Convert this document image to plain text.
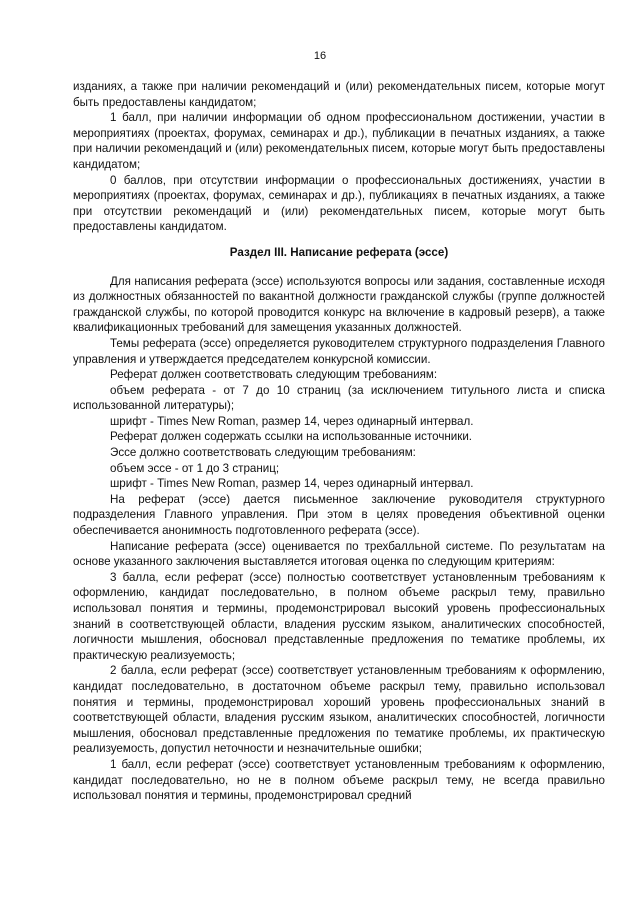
16

изданиях, а также при наличии рекомендаций и (или) рекомендательных писем, которые могут быть предоставлены кандидатом;

1 балл, при наличии информации об одном профессиональном достижении, участии в мероприятиях (проектах, форумах, семинарах и др.), публикации в печатных изданиях, а также при наличии рекомендаций и (или) рекомендательных писем, которые могут быть предоставлены кандидатом;

0 баллов, при отсутствии информации о профессиональных достижениях, участии в мероприятиях (проектах, форумах, семинарах и др.), публикациях в печатных изданиях, а также при отсутствии рекомендаций и (или) рекомендательных писем, которые могут быть предоставлены кандидатом.

Раздел III. Написание реферата (эссе)

Для написания реферата (эссе) используются вопросы или задания, составленные исходя из должностных обязанностей по вакантной должности гражданской службы (группе должностей гражданской службы, по которой проводится конкурс на включение в кадровый резерв), а также квалификационных требований для замещения указанных должностей.

Темы реферата (эссе) определяется руководителем структурного подразделения Главного управления и утверждается председателем конкурсной комиссии.

Реферат должен соответствовать следующим требованиям:

объем реферата - от 7 до 10 страниц (за исключением титульного листа и списка использованной литературы);

шрифт - Times New Roman, размер 14, через одинарный интервал.

Реферат должен содержать ссылки на использованные источники.

Эссе должно соответствовать следующим требованиям:

объем эссе - от 1 до 3 страниц;

шрифт - Times New Roman, размер 14, через одинарный интервал.

На реферат (эссе) дается письменное заключение руководителя структурного подразделения Главного управления. При этом в целях проведения объективной оценки обеспечивается анонимность подготовленного реферата (эссе).

Написание реферата (эссе) оценивается по трехбалльной системе. По результатам на основе указанного заключения выставляется итоговая оценка по следующим критериям:

3 балла, если реферат (эссе) полностью соответствует установленным требованиям к оформлению, кандидат последовательно, в полном объеме раскрыл тему, правильно использовал понятия и термины, продемонстрировал высокий уровень профессиональных знаний в соответствующей области, владения русским языком, аналитических способностей, логичности мышления, обосновал представленные предложения по тематике проблемы, их практическую реализуемость;

2 балла, если реферат (эссе) соответствует установленным требованиям к оформлению, кандидат последовательно, в достаточном объеме раскрыл тему, правильно использовал понятия и термины, продемонстрировал хороший уровень профессиональных знаний в соответствующей области, владения русским языком, аналитических способностей, логичности мышления, обосновал представленные предложения по тематике проблемы, их практическую реализуемость, допустил неточности и незначительные ошибки;

1 балл, если реферат (эссе) соответствует установленным требованиям к оформлению, кандидат последовательно, но не в полном объеме раскрыл тему, не всегда правильно использовал понятия и термины, продемонстрировал средний
